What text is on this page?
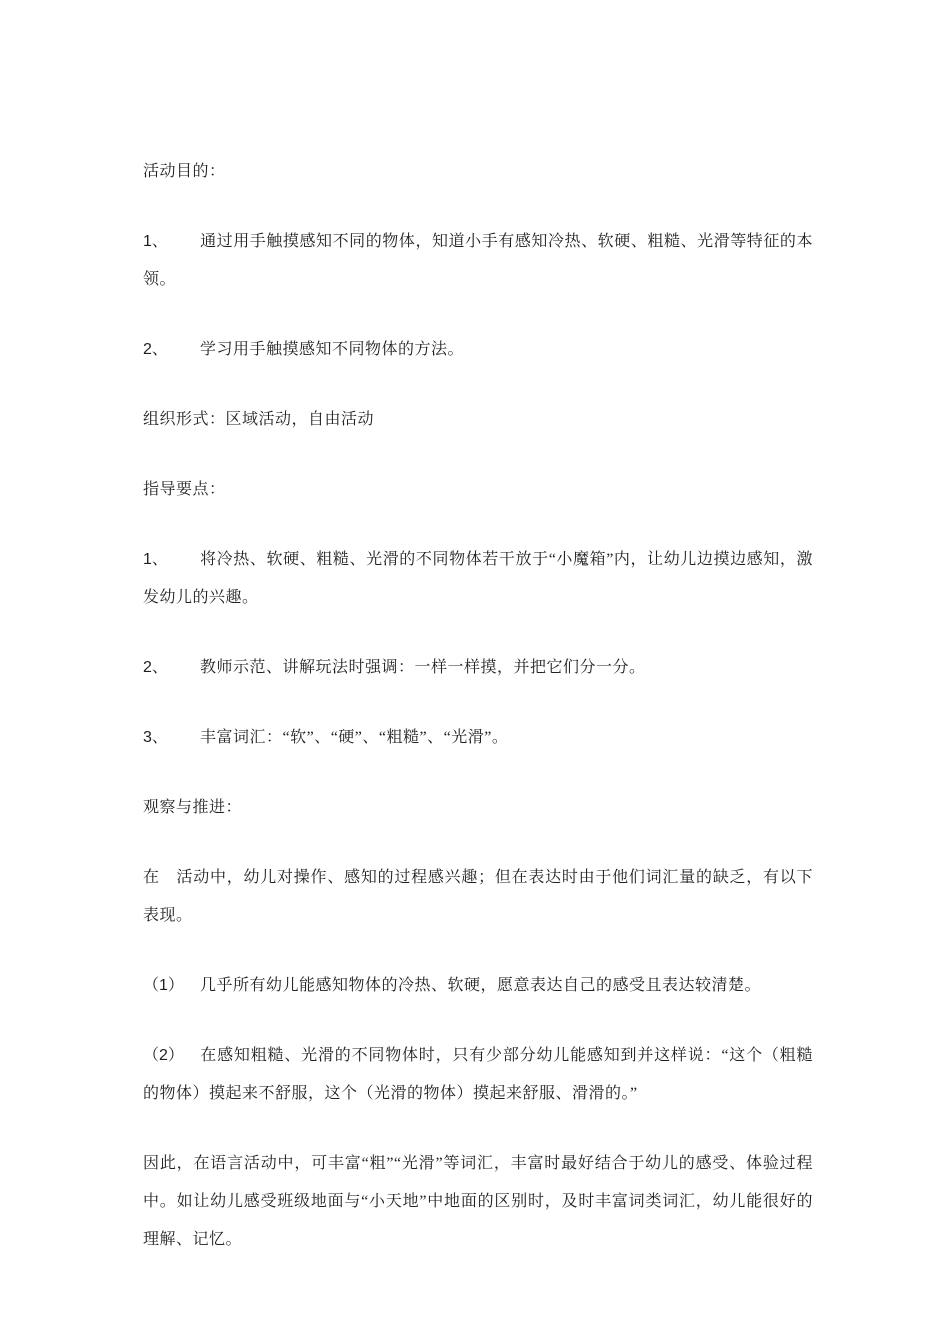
活动目的：

1、 通过用手触摸感知不同的物体，知道小手有感知冷热、软硬、粗糙、光滑等特征的本领。

2、 学习用手触摸感知不同物体的方法。

组织形式：区域活动，自由活动

指导要点：

1、 将冷热、软硬、粗糙、光滑的不同物体若干放于“小魔箱”内，让幼儿边摸边感知，激发幼儿的兴趣。

2、 教师示范、讲解玩法时强调：一样一样摸，并把它们分一分。

3、 丰富词汇：“软”、“硬”、“粗糙”、“光滑”。

观察与推进：

在　活动中，幼儿对操作、感知的过程感兴趣；但在表达时由于他们词汇量的缺乏，有以下表现。

（1） 几乎所有幼儿能感知物体的冷热、软硬，愿意表达自己的感受且表达较清楚。

（2） 在感知粗糙、光滑的不同物体时，只有少部分幼儿能感知到并这样说：“这个（粗糙的物体）摸起来不舒服，这个（光滑的物体）摸起来舒服、滑滑的。”

因此，在语言活动中，可丰富“粗”“光滑”等词汇，丰富时最好结合于幼儿的感受、体验过程中。如让幼儿感受班级地面与“小天地”中地面的区别时，及时丰富词类词汇，幼儿能很好的理解、记忆。
